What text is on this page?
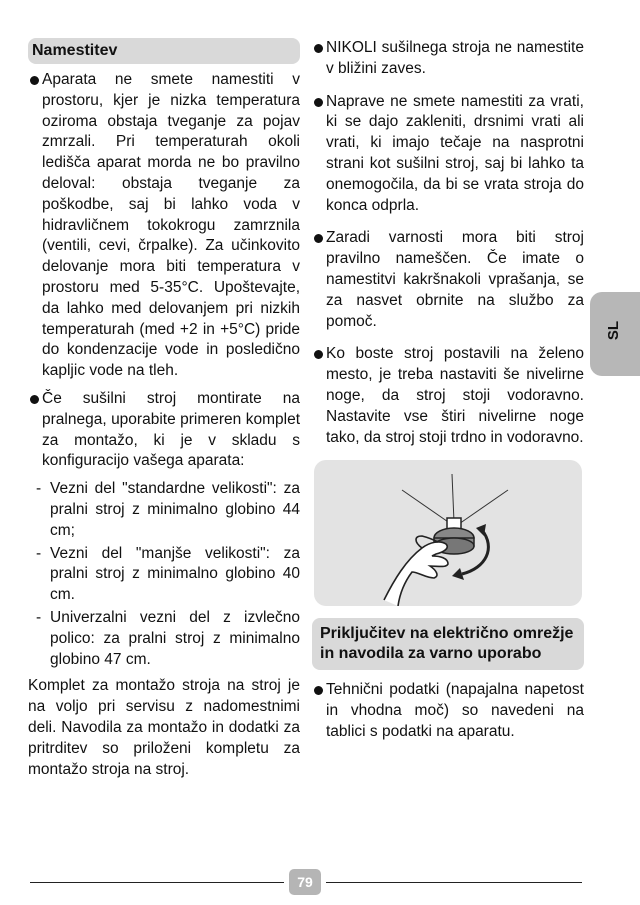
Namestitev
Aparata ne smete namestiti v prostoru, kjer je nizka temperatura oziroma obstaja tveganje za pojav zmrzali. Pri temperaturah okoli ledišča aparat morda ne bo pravilno deloval: obstaja tveganje za poškodbe, saj bi lahko voda v hidravličnem tokokrogu zamrznila (ventili, cevi, črpalke). Za učinkovito delovanje mora biti temperatura v prostoru med 5-35°C. Upoštevajte, da lahko med delovanjem pri nizkih temperaturah (med +2 in +5°C) pride do kondenzacije vode in posledično kapljic vode na tleh.
Če sušilni stroj montirate na pralnega, uporabite primeren komplet za montažo, ki je v skladu s konfiguracijo vašega aparata:
- Vezni del "standardne velikosti": za pralni stroj z minimalno globino 44 cm;
- Vezni del "manjše velikosti": za pralni stroj z minimalno globino 40 cm.
- Univerzalni vezni del z izvlečno polico: za pralni stroj z minimalno globino 47 cm.
Komplet za montažo stroja na stroj je na voljo pri servisu z nadomestnimi deli. Navodila za montažo in dodatki za pritrditev so priloženi kompletu za montažo stroja na stroj.
NIKOLI sušilnega stroja ne namestite v bližini zaves.
Naprave ne smete namestiti za vrati, ki se dajo zakleniti, drsnimi vrati ali vrati, ki imajo tečaje na nasprotni strani kot sušilni stroj, saj bi lahko ta onemogočila, da bi se vrata stroja do konca odprla.
Zaradi varnosti mora biti stroj pravilno nameščen. Če imate o namestitvi kakršnakoli vprašanja, se za nasvet obrnite na službo za pomoč.
Ko boste stroj postavili na želeno mesto, je treba nastaviti še nivelirne noge, da stroj stoji vodoravno. Nastavite vse štiri nivelirne noge tako, da stroj stoji trdno in vodoravno.
Priključitev na električno omrežje in navodila za varno uporabo
Tehnični podatki (napajalna napetost in vhodna moč) so navedeni na tablici s podatki na aparatu.
SL
79
